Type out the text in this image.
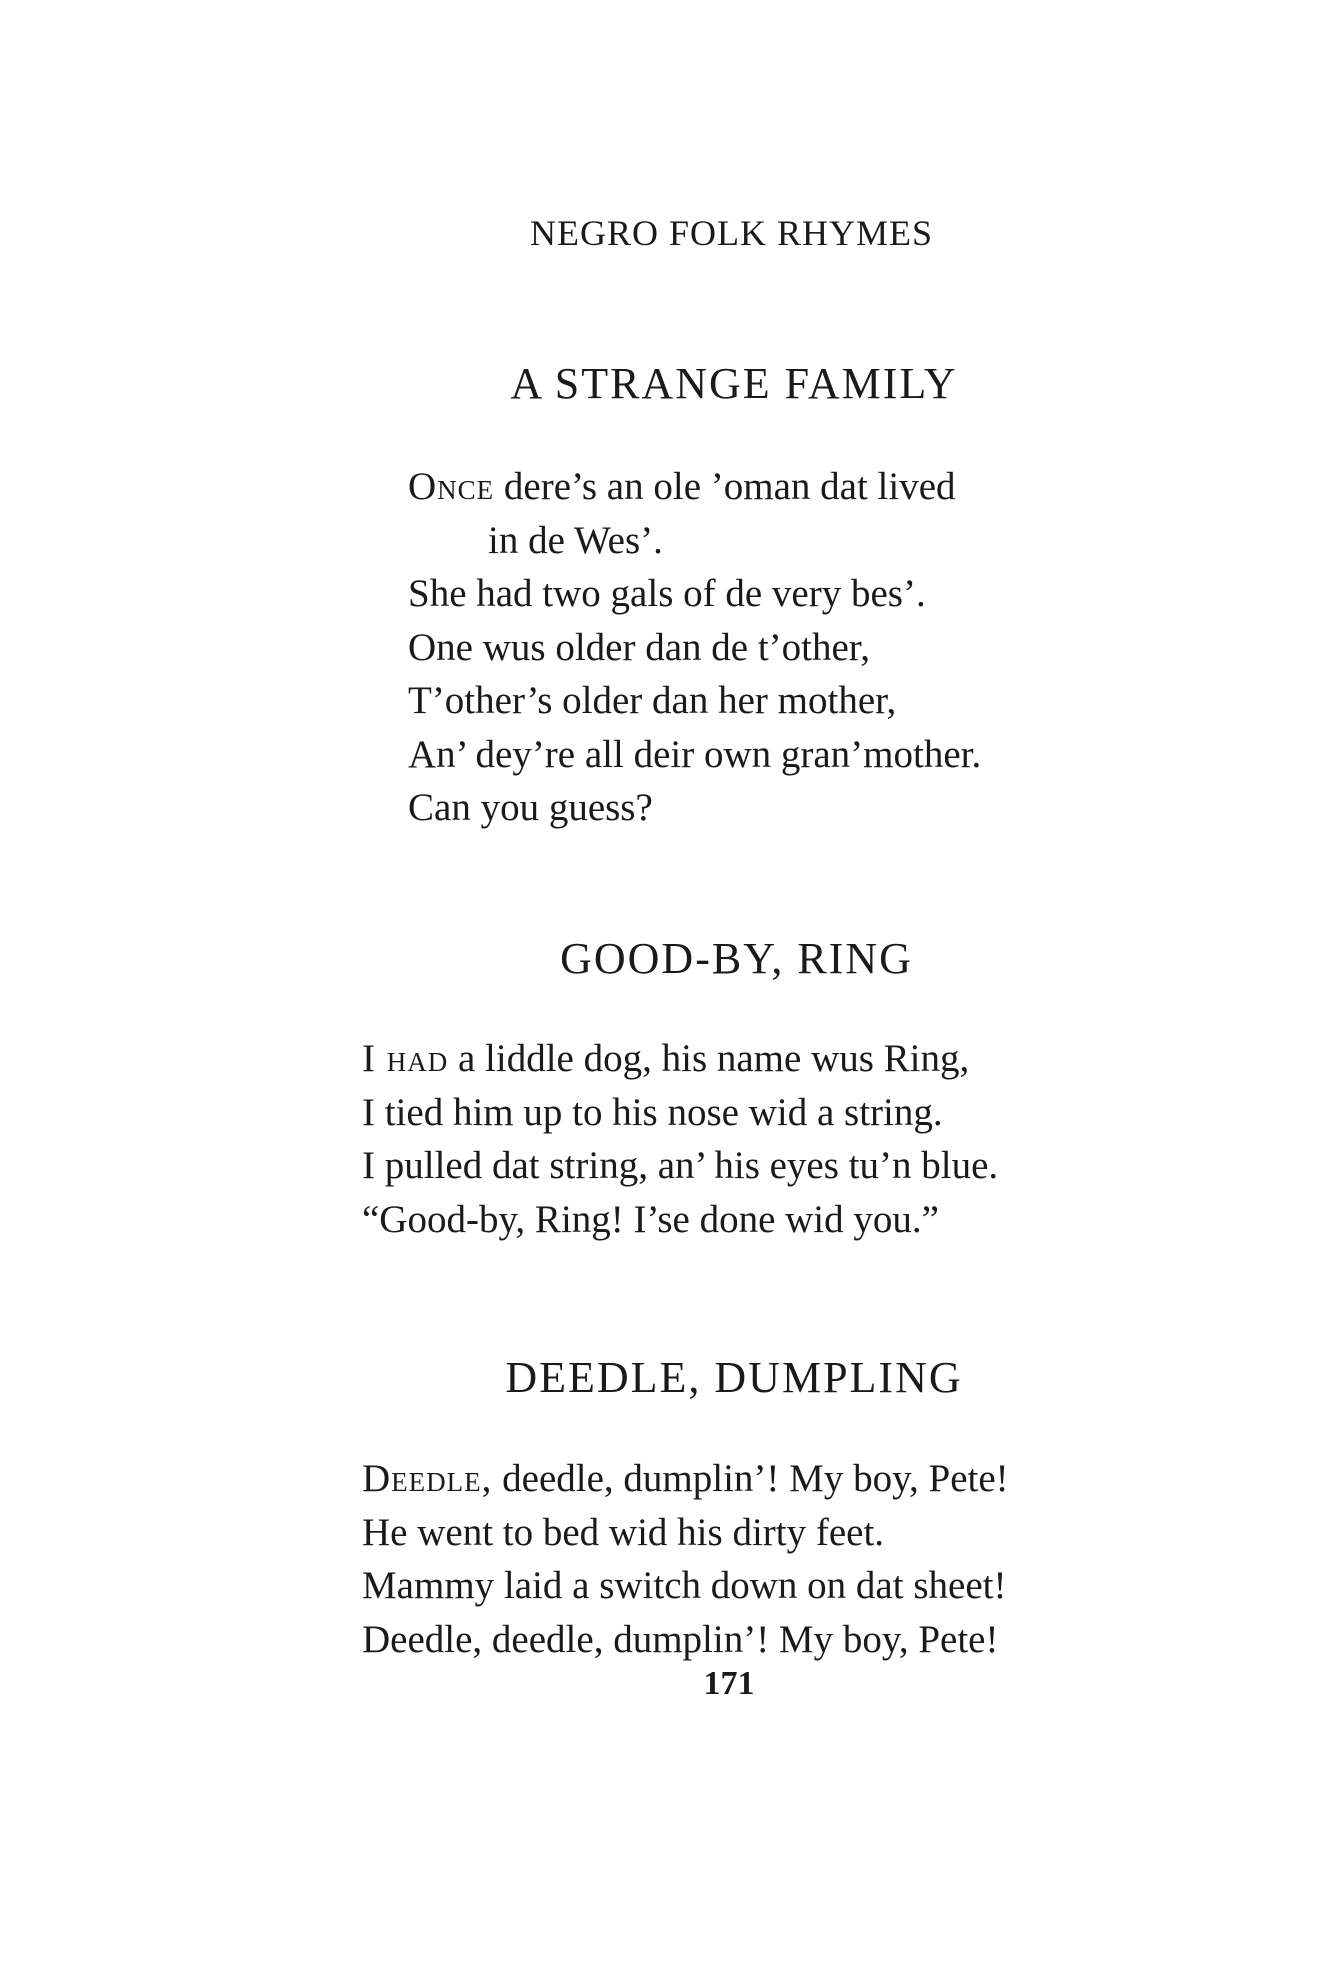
NEGRO FOLK RHYMES
A STRANGE FAMILY
Once dere’s an ole ’oman dat lived
in de Wes’.
She had two gals of de very bes’.
One wus older dan de t’other,
T’other’s older dan her mother,
An’ dey’re all deir own gran’mother.
Can you guess?
GOOD-BY, RING
I had a liddle dog, his name wus Ring,
I tied him up to his nose wid a string.
I pulled dat string, an’ his eyes tu’n blue.
“Good-by, Ring! I’se done wid you.”
DEEDLE, DUMPLING
Deedle, deedle, dumplin’! My boy, Pete!
He went to bed wid his dirty feet.
Mammy laid a switch down on dat sheet!
Deedle, deedle, dumplin’! My boy, Pete!
171
